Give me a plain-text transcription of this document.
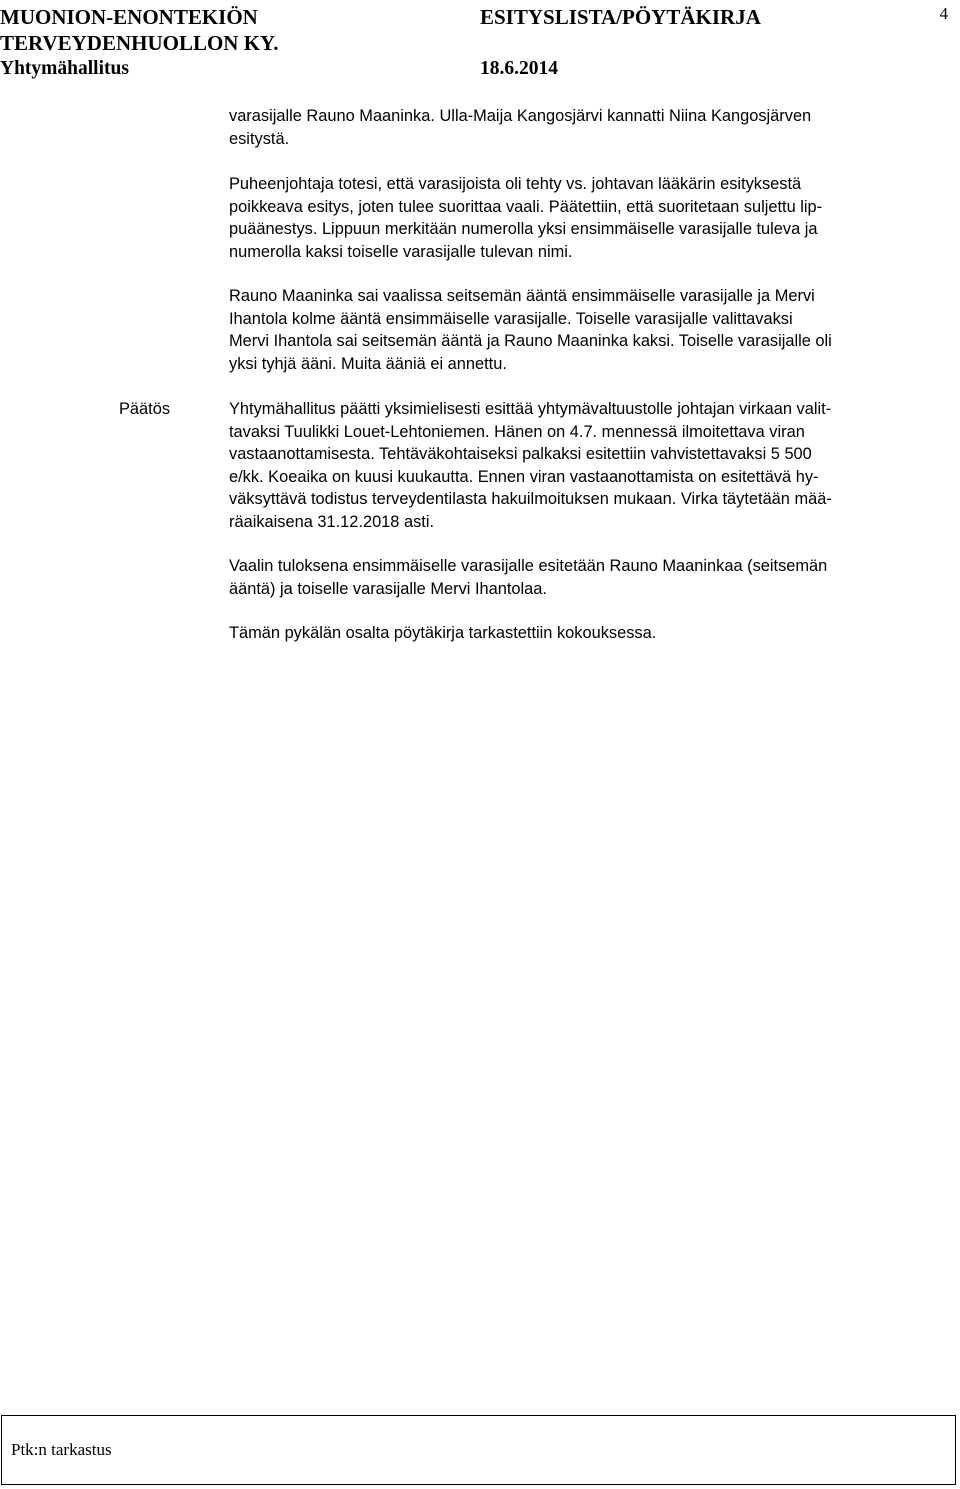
MUONION-ENONTEKIÖN
TERVEYDENHUOLLON KY.
Yhtymähallitus
ESITYSLISTA/PÖYTÄKIRJA
18.6.2014
4

varasijalle Rauno Maaninka. Ulla-Maija Kangosjärvi kannatti Niina Kangosjärven
esitystä.

Puheenjohtaja totesi, että varasijoista oli tehty vs. johtavan lääkärin esityksestä
poikkeava esitys, joten tulee suorittaa vaali. Päätettiin, että suoritetaan suljettu lip-
puäänestys. Lippuun merkitään numerolla yksi ensimmäiselle varasijalle tuleva ja
numerolla kaksi toiselle varasijalle tulevan nimi.

Rauno Maaninka sai vaalissa seitsemän ääntä ensimmäiselle varasijalle ja Mervi
Ihantola kolme ääntä ensimmäiselle varasijalle. Toiselle varasijalle valittavaksi
Mervi Ihantola sai seitsemän ääntä ja Rauno Maaninka kaksi. Toiselle varasijalle oli
yksi tyhjä ääni. Muita ääniä ei annettu.

Päätös	Yhtymähallitus päätti yksimielisesti esittää yhtymävaltuustolle johtajan virkaan valit-
tavaksi Tuulikki Louet-Lehtoniemen. Hänen on 4.7. mennessä ilmoitettava viran
vastaanottamisesta. Tehtäväkohtaiseksi palkaksi esitettiin vahvistettavaksi 5 500
e/kk. Koeaika on kuusi kuukautta. Ennen viran vastaanottamista on esitettävä hy-
väksyttävä todistus terveydentilasta hakuilmoituksen mukaan. Virka täytetään mää-
räaikaisena 31.12.2018 asti.

Vaalin tuloksena ensimmäiselle varasijalle esitetään Rauno Maaninkaa (seitsemän
ääntä) ja toiselle varasijalle Mervi Ihantolaa.

Tämän pykälän osalta pöytäkirja tarkastettiin kokouksessa.

Ptk:n tarkastus
